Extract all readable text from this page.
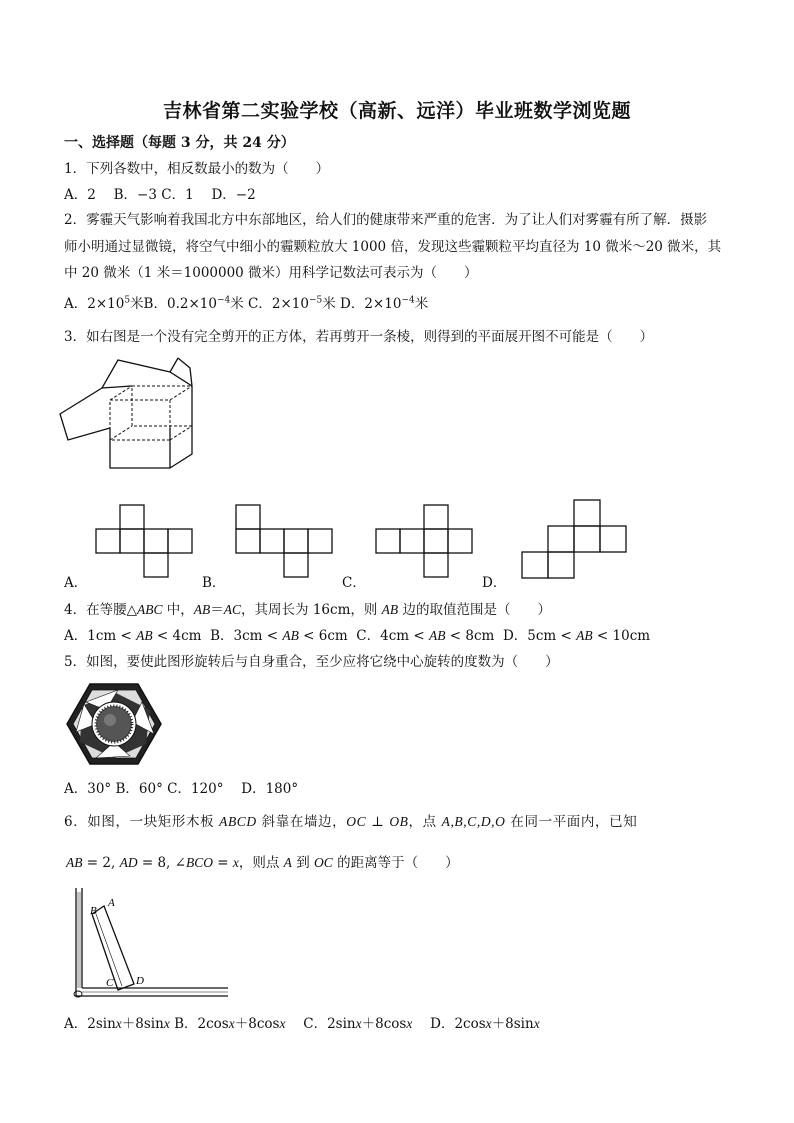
吉林省第二实验学校（高新、远洋）毕业班数学浏览题
一、选择题（每题 3 分，共 24 分）
1．下列各数中，相反数最小的数为（　　）
A．2　 B．−3 C．1　 D．−2
2．雾霾天气影响着我国北方中东部地区，给人们的健康带来严重的危害．为了让人们对雾霾有所了解．摄影
师小明通过显微镜，将空气中细小的霾颗粒放大 1000 倍，发现这些霾颗粒平均直径为 10 微米～20 微米，其
中 20 微米（1 米＝1000000 微米）用科学记数法可表示为（　　）
A．$2\times 10^5$米B．$0.2\times 10^{-4}$米 C．$2\times 10^{-5}$米 D．$2\times 10^{-4}$米
3．如右图是一个没有完全剪开的正方体，若再剪开一条棱，则得到的平面展开图不可能是（　　）
A．	B．	C．	D．
4．在等腰△ABC 中，AB＝AC，其周长为 16cm，则 AB 边的取值范围是（　　）
A．1cm < AB < 4cm B．3cm < AB < 6cm C．4cm < AB < 8cm D．5cm < AB < 10cm
5．如图，要使此图形旋转后与自身重合，至少应将它绕中心旋转的度数为（　　）
A．30° B．60° C．120°　 D．180°
6．如图，一块矩形木板 ABCD 斜靠在墙边，OC ⊥ OB，点 A,B,C,D,O 在同一平面内，已知
AB = 2, AD = 8, ∠BCO = x，则点 A 到 OC 的距离等于（　　）
B
A
C D
A．2sinx＋8sinx B．2cosx＋8cosx　 C．2sinx＋8cosx　 D．2cosx＋8sinx
